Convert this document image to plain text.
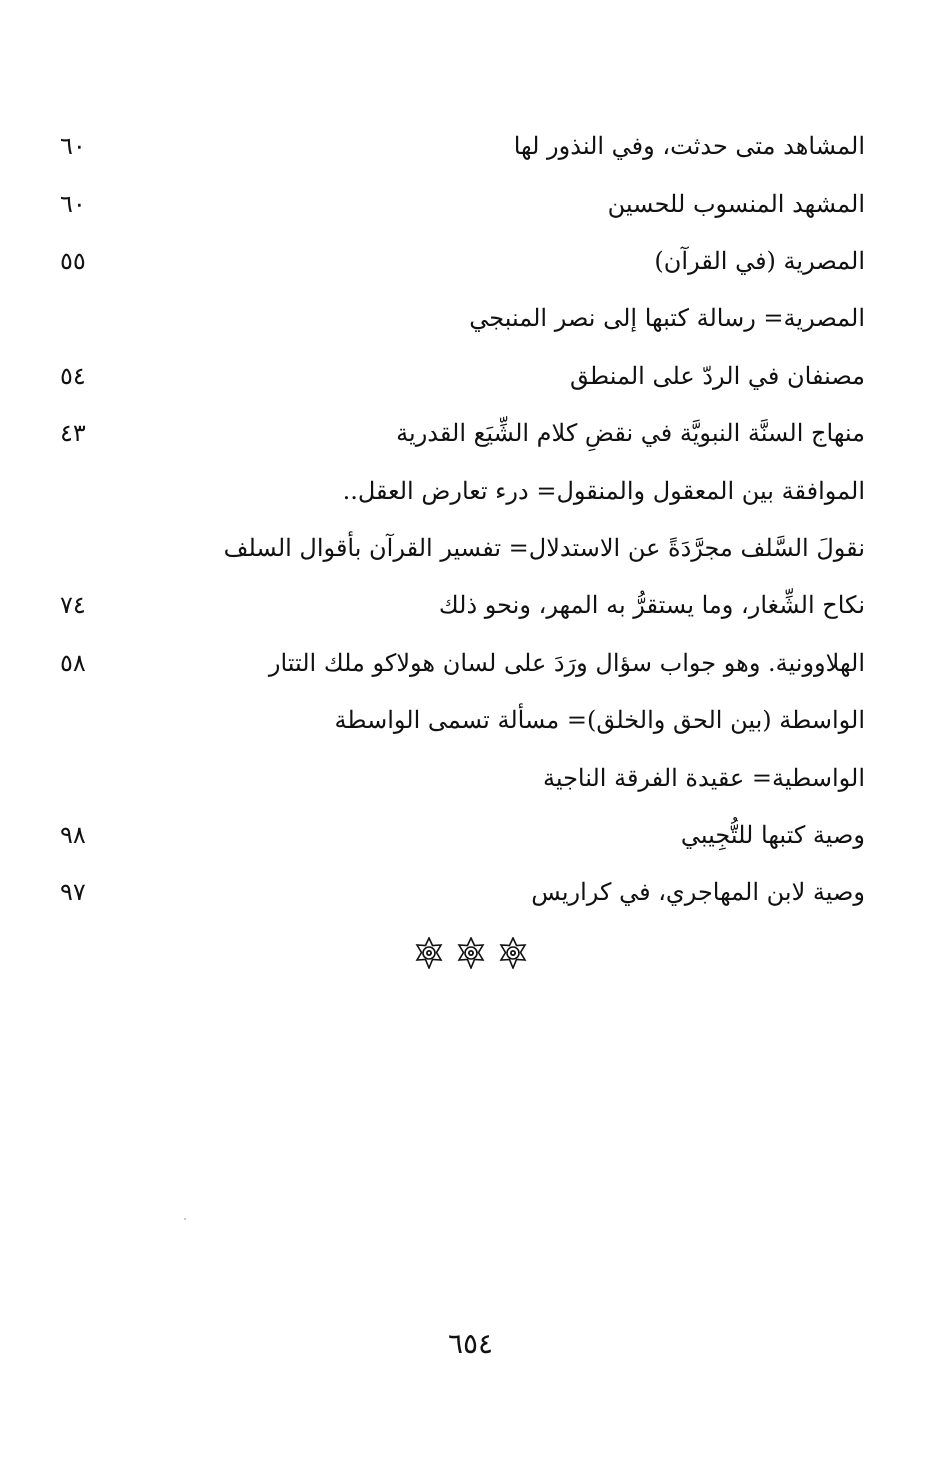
المشاهد متى حدثت، وفي النذور لها
٦٠
المشهد المنسوب للحسين
٦٠
المصرية (في القرآن)
٥٥
المصرية= رسالة كتبها إلى نصر المنبجي
مصنفان في الردّ على المنطق
٥٤
منهاج السنَّة النبويَّة في نقضِ كلام الشِّيَع القدرية
٤٣
الموافقة بين المعقول والمنقول= درء تعارض العقل..
نقولَ السَّلف مجرَّدَةً عن الاستدلال= تفسير القرآن بأقوال السلف
نكاح الشِّغار، وما يستقرُّ به المهر، ونحو ذلك
٧٤
الهلاوونية. وهو جواب سؤال ورَدَ على لسان هولاكو ملك التتار
٥٨
الواسطة (بين الحق والخلق)= مسألة تسمى الواسطة
الواسطية= عقيدة الفرقة الناجية
وصية كتبها للتُّجِيبي
٩٨
وصية لابن المهاجري، في كراريس
٩٧
٦٥٤
